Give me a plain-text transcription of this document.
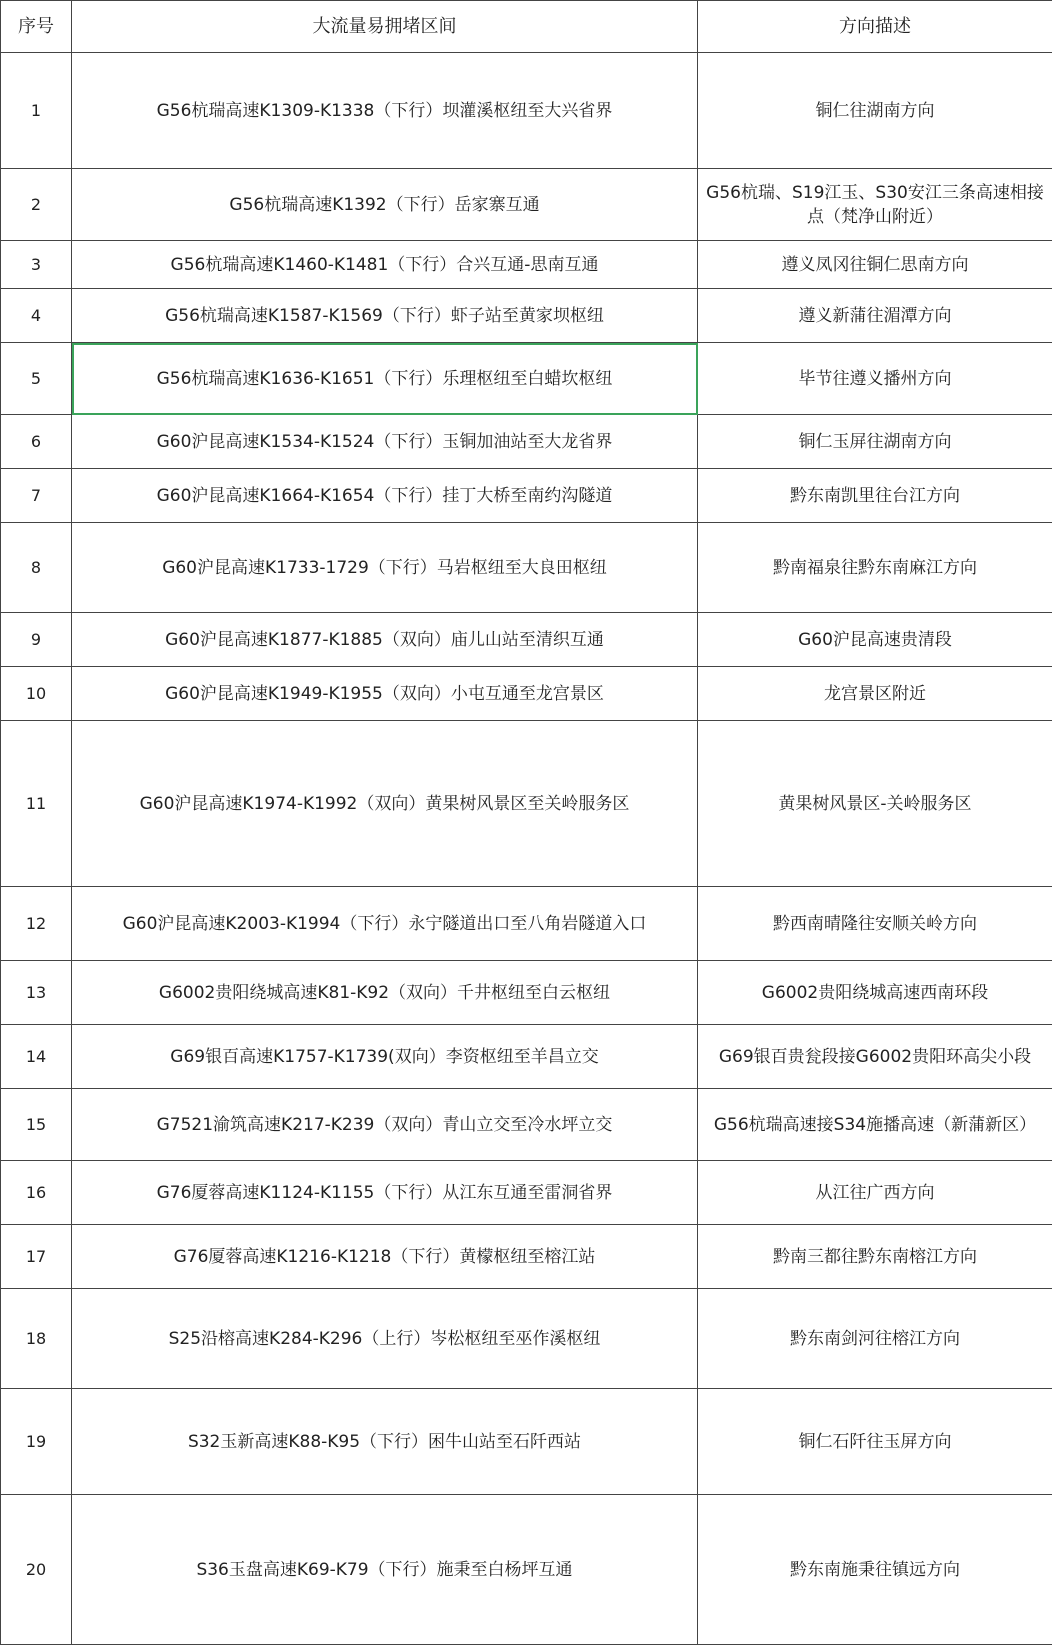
序号	大流量易拥堵区间	方向描述
1	G56杭瑞高速K1309-K1338（下行）坝灌溪枢纽至大兴省界	铜仁往湖南方向
2	G56杭瑞高速K1392（下行）岳家寨互通	G56杭瑞、S19江玉、S30安江三条高速相接点（梵净山附近）
3	G56杭瑞高速K1460-K1481（下行）合兴互通-思南互通	遵义凤冈往铜仁思南方向
4	G56杭瑞高速K1587-K1569（下行）虾子站至黄家坝枢纽	遵义新蒲往湄潭方向
5	G56杭瑞高速K1636-K1651（下行）乐理枢纽至白蜡坎枢纽	毕节往遵义播州方向
6	G60沪昆高速K1534-K1524（下行）玉铜加油站至大龙省界	铜仁玉屏往湖南方向
7	G60沪昆高速K1664-K1654（下行）挂丁大桥至南约沟隧道	黔东南凯里往台江方向
8	G60沪昆高速K1733-1729（下行）马岩枢纽至大良田枢纽	黔南福泉往黔东南麻江方向
9	G60沪昆高速K1877-K1885（双向）庙儿山站至清织互通	G60沪昆高速贵清段
10	G60沪昆高速K1949-K1955（双向）小屯互通至龙宫景区	龙宫景区附近
11	G60沪昆高速K1974-K1992（双向）黄果树风景区至关岭服务区	黄果树风景区-关岭服务区
12	G60沪昆高速K2003-K1994（下行）永宁隧道出口至八角岩隧道入口	黔西南晴隆往安顺关岭方向
13	G6002贵阳绕城高速K81-K92（双向）千井枢纽至白云枢纽	G6002贵阳绕城高速西南环段
14	G69银百高速K1757-K1739(双向）李资枢纽至羊昌立交	G69银百贵瓮段接G6002贵阳环高尖小段
15	G7521渝筑高速K217-K239（双向）青山立交至冷水坪立交	G56杭瑞高速接S34施播高速（新蒲新区）
16	G76厦蓉高速K1124-K1155（下行）从江东互通至雷洞省界	从江往广西方向
17	G76厦蓉高速K1216-K1218（下行）黄檬枢纽至榕江站	黔南三都往黔东南榕江方向
18	S25沿榕高速K284-K296（上行）岑松枢纽至巫作溪枢纽	黔东南剑河往榕江方向
19	S32玉新高速K88-K95（下行）困牛山站至石阡西站	铜仁石阡往玉屏方向
20	S36玉盘高速K69-K79（下行）施秉至白杨坪互通	黔东南施秉往镇远方向
